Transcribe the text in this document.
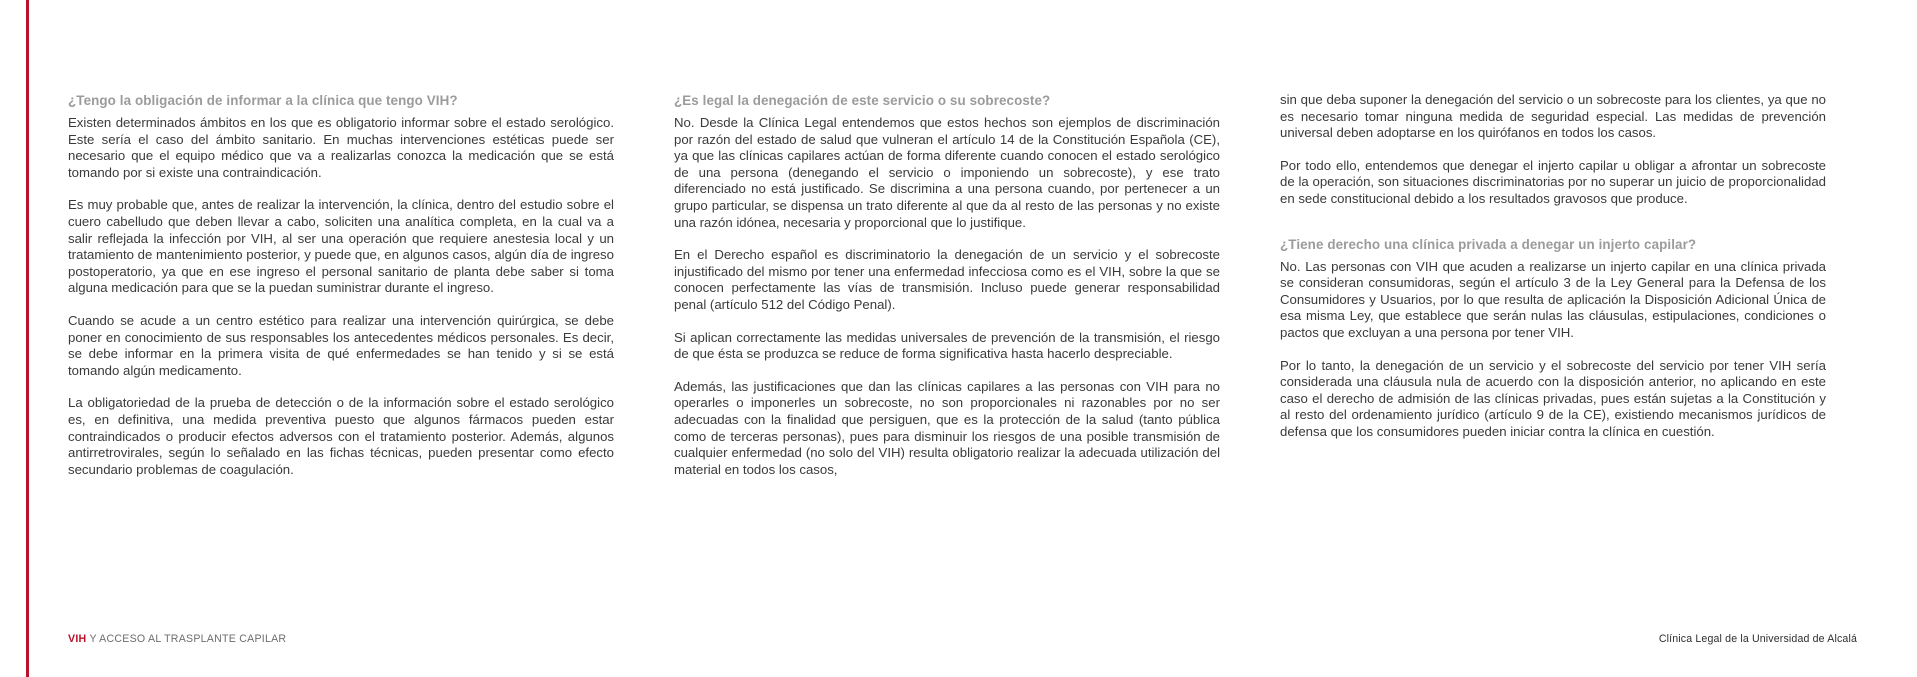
¿Tengo la obligación de informar a la clínica que tengo VIH?

Existen determinados ámbitos en los que es obligatorio informar sobre el estado serológico. Este sería el caso del ámbito sanitario. En muchas intervenciones estéticas puede ser necesario que el equipo médico que va a realizarlas conozca la medicación que se está tomando por si existe una contraindicación.

Es muy probable que, antes de realizar la intervención, la clínica, dentro del estudio sobre el cuero cabelludo que deben llevar a cabo, soliciten una analítica completa, en la cual va a salir reflejada la infección por VIH, al ser una operación que requiere anestesia local y un tratamiento de mantenimiento posterior, y puede que, en algunos casos, algún día de ingreso postoperatorio, ya que en ese ingreso el personal sanitario de planta debe saber si toma alguna medicación para que se la puedan suministrar durante el ingreso.

Cuando se acude a un centro estético para realizar una intervención quirúrgica, se debe poner en conocimiento de sus responsables los antecedentes médicos personales. Es decir, se debe informar en la primera visita de qué enfermedades se han tenido y si se está tomando algún medicamento.

La obligatoriedad de la prueba de detección o de la información sobre el estado serológico es, en definitiva, una medida preventiva puesto que algunos fármacos pueden estar contraindicados o producir efectos adversos con el tratamiento posterior. Además, algunos antirretrovirales, según lo señalado en las fichas técnicas, pueden presentar como efecto secundario problemas de coagulación.

¿Es legal la denegación de este servicio o su sobrecoste?

No. Desde la Clínica Legal entendemos que estos hechos son ejemplos de discriminación por razón del estado de salud que vulneran el artículo 14 de la Constitución Española (CE), ya que las clínicas capilares actúan de forma diferente cuando conocen el estado serológico de una persona (denegando el servicio o imponiendo un sobrecoste), y ese trato diferenciado no está justificado. Se discrimina a una persona cuando, por pertenecer a un grupo particular, se dispensa un trato diferente al que da al resto de las personas y no existe una razón idónea, necesaria y proporcional que lo justifique.

En el Derecho español es discriminatorio la denegación de un servicio y el sobrecoste injustificado del mismo por tener una enfermedad infecciosa como es el VIH, sobre la que se conocen perfectamente las vías de transmisión. Incluso puede generar responsabilidad penal (artículo 512 del Código Penal).

Si aplican correctamente las medidas universales de prevención de la transmisión, el riesgo de que ésta se produzca se reduce de forma significativa hasta hacerlo despreciable.

Además, las justificaciones que dan las clínicas capilares a las personas con VIH para no operarles o imponerles un sobrecoste, no son proporcionales ni razonables por no ser adecuadas con la finalidad que persiguen, que es la protección de la salud (tanto pública como de terceras personas), pues para disminuir los riesgos de una posible transmisión de cualquier enfermedad (no solo del VIH) resulta obligatorio realizar la adecuada utilización del material en todos los casos,

sin que deba suponer la denegación del servicio o un sobrecoste para los clientes, ya que no es necesario tomar ninguna medida de seguridad especial. Las medidas de prevención universal deben adoptarse en los quirófanos en todos los casos.

Por todo ello, entendemos que denegar el injerto capilar u obligar a afrontar un sobrecoste de la operación, son situaciones discriminatorias por no superar un juicio de proporcionalidad en sede constitucional debido a los resultados gravosos que produce.

¿Tiene derecho una clínica privada a denegar un injerto capilar?

No. Las personas con VIH que acuden a realizarse un injerto capilar en una clínica privada se consideran consumidoras, según el artículo 3 de la Ley General para la Defensa de los Consumidores y Usuarios, por lo que resulta de aplicación la Disposición Adicional Única de esa misma Ley, que establece que serán nulas las cláusulas, estipulaciones, condiciones o pactos que excluyan a una persona por tener VIH.

Por lo tanto, la denegación de un servicio y el sobrecoste del servicio por tener VIH sería considerada una cláusula nula de acuerdo con la disposición anterior, no aplicando en este caso el derecho de admisión de las clínicas privadas, pues están sujetas a la Constitución y al resto del ordenamiento jurídico (artículo 9 de la CE), existiendo mecanismos jurídicos de defensa que los consumidores pueden iniciar contra la clínica en cuestión.

VIH Y ACCESO AL TRASPLANTE CAPILAR	Clínica Legal de la Universidad de Alcalá
